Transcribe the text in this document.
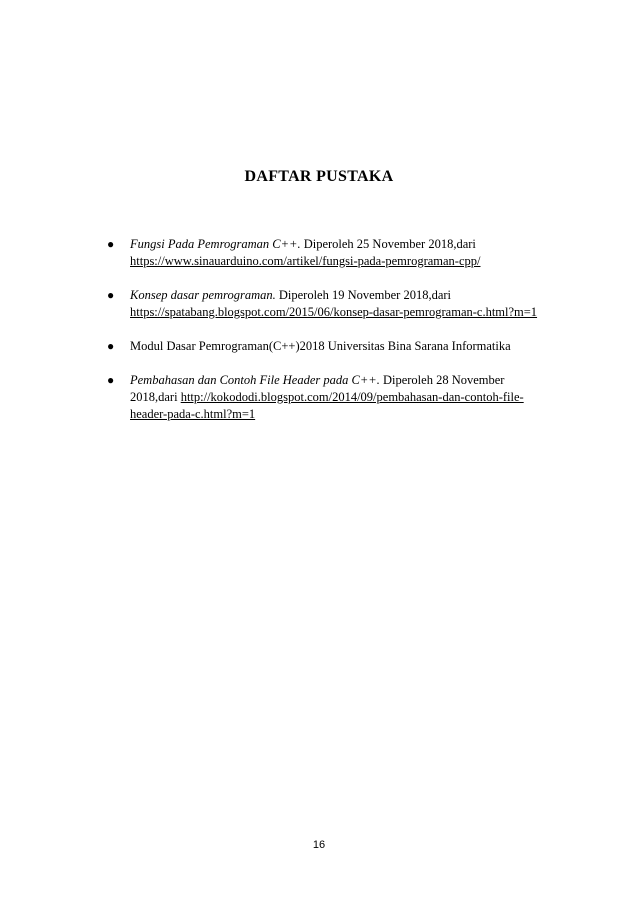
DAFTAR PUSTAKA
● Fungsi Pada Pemrograman C++. Diperoleh 25 November 2018,dari
https://www.sinauarduino.com/artikel/fungsi-pada-pemrograman-cpp/
● Konsep dasar pemrograman. Diperoleh 19 November 2018,dari
https://spatabang.blogspot.com/2015/06/konsep-dasar-pemrograman-c.html?m=1
● Modul Dasar Pemrograman(C++)2018 Universitas Bina Sarana Informatika
● Pembahasan dan Contoh File Header pada C++. Diperoleh 28 November 2018,dari http://kokododi.blogspot.com/2014/09/pembahasan-dan-contoh-file-header-pada-c.html?m=1
16
